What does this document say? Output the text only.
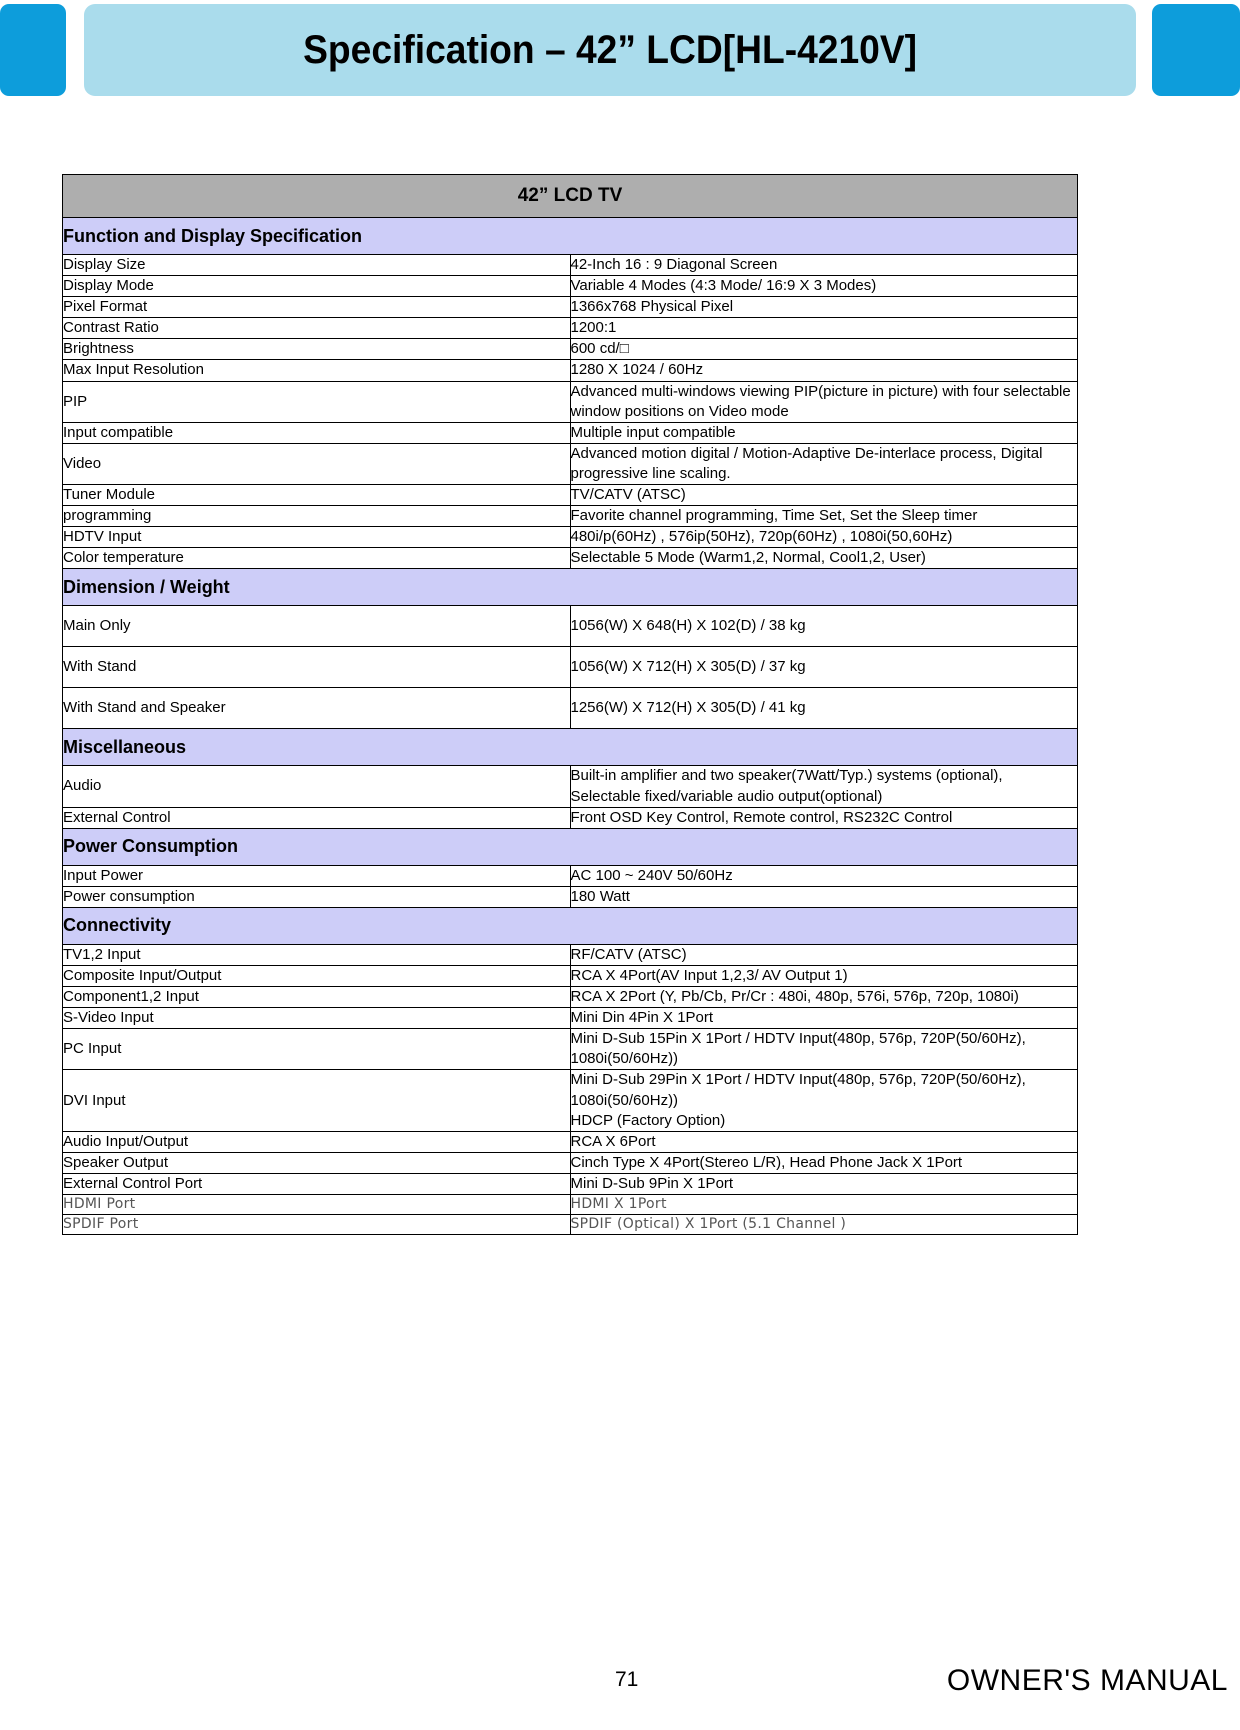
Specification – 42” LCD[HL-4210V]
42” LCD TV	
Function and Display Specification	
Display Size	42-Inch 16 : 9 Diagonal Screen

Display Mode	Variable 4 Modes (4:3 Mode/ 16:9 X 3 Modes)

Pixel Format	1366x768 Physical Pixel

Contrast Ratio	1200:1

Brightness	600 cd/□

Max Input Resolution	1280 X 1024 / 60Hz

PIP	Advanced multi-windows viewing PIP(picture in picture) with four selectable window positions on Video mode

Input compatible	Multiple input compatible

Video	Advanced motion digital / Motion-Adaptive De-interlace process, Digital progressive line scaling.

Tuner Module	TV/CATV (ATSC)

programming	Favorite channel programming, Time Set, Set the Sleep timer

HDTV Input	480i/p(60Hz) , 576ip(50Hz), 720p(60Hz) , 1080i(50,60Hz)

Color temperature	Selectable 5 Mode (Warm1,2, Normal, Cool1,2, User)

Dimension / Weight	
Main Only	1056(W) X 648(H) X 102(D) / 38 kg

With Stand	1056(W) X 712(H) X 305(D) / 37 kg

With Stand and Speaker	1256(W) X 712(H) X 305(D) / 41 kg

Miscellaneous	
Audio	Built-in amplifier and two speaker(7Watt/Typ.) systems (optional),
Selectable fixed/variable audio output(optional)

External Control	Front OSD Key Control, Remote control, RS232C Control

Power Consumption	
Input Power	AC 100 ~ 240V 50/60Hz

Power consumption	180 Watt

Connectivity	
TV1,2 Input	RF/CATV (ATSC)

Composite Input/Output	RCA X 4Port(AV Input 1,2,3/ AV Output 1)

Component1,2 Input	RCA X 2Port (Y, Pb/Cb, Pr/Cr : 480i, 480p, 576i, 576p, 720p, 1080i)

S-Video Input	Mini Din 4Pin X 1Port

PC Input	Mini D-Sub 15Pin X 1Port / HDTV Input(480p, 576p, 720P(50/60Hz), 1080i(50/60Hz))

DVI Input	Mini D-Sub 29Pin X 1Port / HDTV Input(480p, 576p, 720P(50/60Hz), 1080i(50/60Hz))
HDCP (Factory Option)

Audio Input/Output	RCA X 6Port

Speaker Output	Cinch Type X 4Port(Stereo L/R), Head Phone Jack X 1Port

External Control Port	Mini D-Sub 9Pin X 1Port

HDMI Port	HDMI X 1Port

SPDIF Port	SPDIF (Optical) X 1Port (5.1 Channel )
71	OWNER'S MANUAL
